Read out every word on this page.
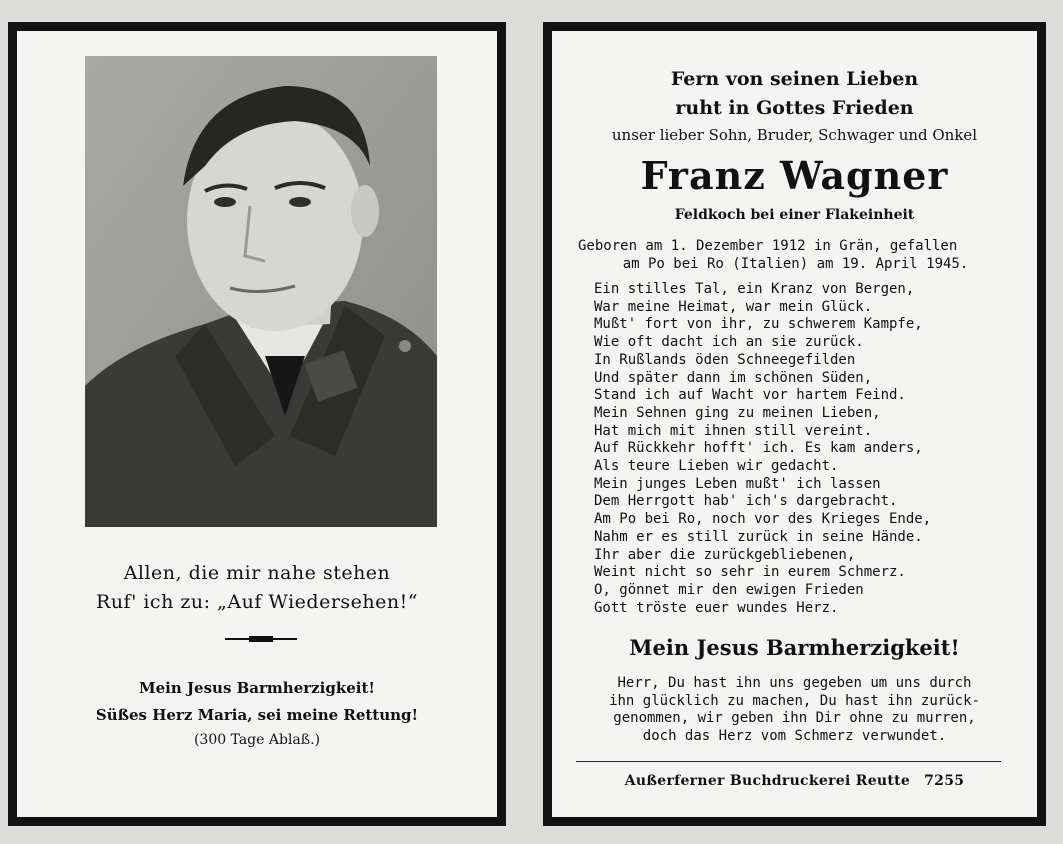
Allen, die mir nahe stehen
Ruf' ich zu: „Auf Wiedersehen!“
Mein Jesus Barmherzigkeit!
Süßes Herz Maria, sei meine Rettung!
(300 Tage Ablaß.)
Fern von seinen Lieben
ruht in Gottes Frieden
unser lieber Sohn, Bruder, Schwager und Onkel
Franz Wagner
Feldkoch bei einer Flakeinheit
Geboren am 1. Dezember 1912 in Grän, gefallen
am Po bei Ro (Italien) am 19. April 1945.
Ein stilles Tal, ein Kranz von Bergen,
War meine Heimat, war mein Glück.
Mußt' fort von ihr, zu schwerem Kampfe,
Wie oft dacht ich an sie zurück.
In Rußlands öden Schneegefilden
Und später dann im schönen Süden,
Stand ich auf Wacht vor hartem Feind.
Mein Sehnen ging zu meinen Lieben,
Hat mich mit ihnen still vereint.
Auf Rückkehr hofft' ich. Es kam anders,
Als teure Lieben wir gedacht.
Mein junges Leben mußt' ich lassen
Dem Herrgott hab' ich's dargebracht.
Am Po bei Ro, noch vor des Krieges Ende,
Nahm er es still zurück in seine Hände.
Ihr aber die zurückgebliebenen,
Weint nicht so sehr in eurem Schmerz.
O, gönnet mir den ewigen Frieden
Gott tröste euer wundes Herz.
Mein Jesus Barmherzigkeit!
Herr, Du hast ihn uns gegeben um uns durch
ihn glücklich zu machen, Du hast ihn zurück-
genommen, wir geben ihn Dir ohne zu murren,
doch das Herz vom Schmerz verwundet.
Außerferner Buchdruckerei Reutte 7255
